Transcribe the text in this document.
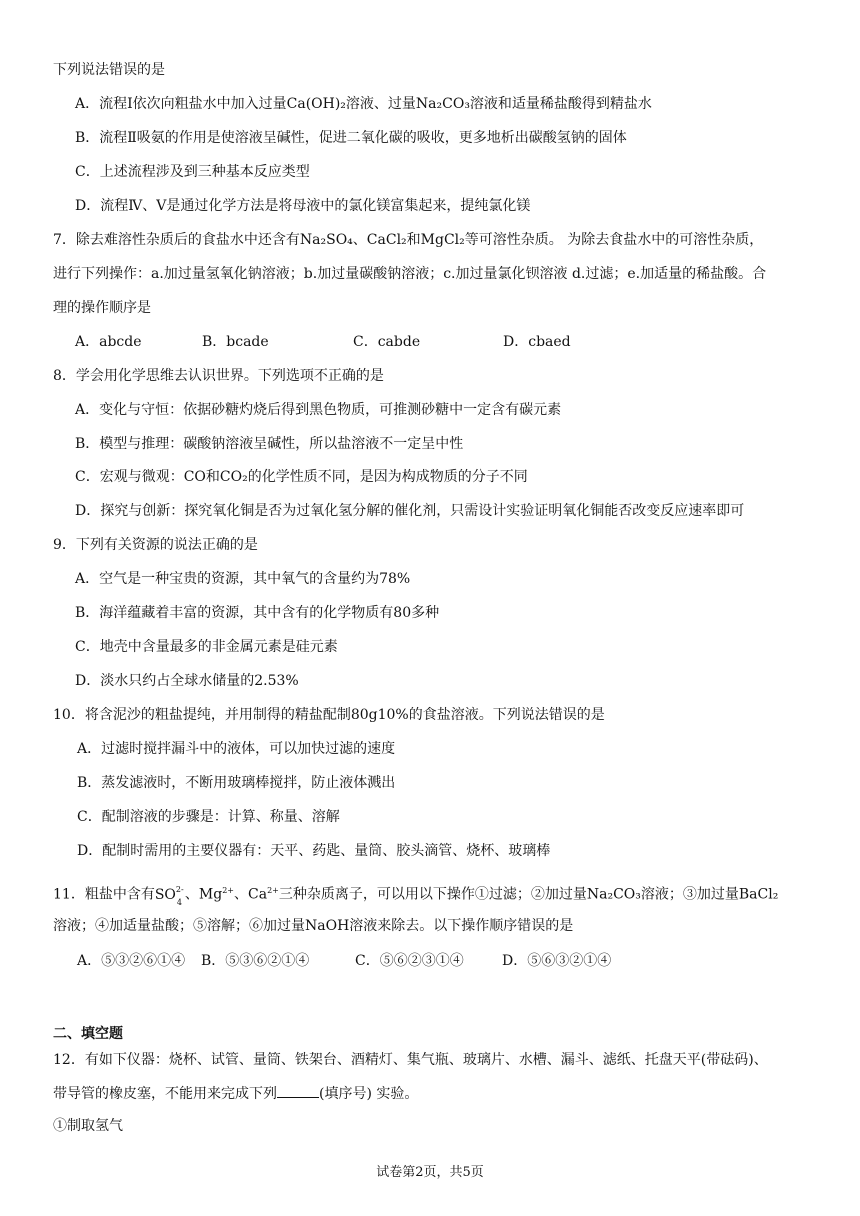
下列说法错误的是
A．流程Ⅰ依次向粗盐水中加入过量Ca(OH)₂溶液、过量Na₂CO₃溶液和适量稀盐酸得到精盐水
B．流程Ⅱ吸氨的作用是使溶液呈碱性，促进二氧化碳的吸收，更多地析出碳酸氢钠的固体
C．上述流程涉及到三种基本反应类型
D．流程Ⅳ、Ⅴ是通过化学方法是将母液中的氯化镁富集起来，提纯氯化镁
7．除去难溶性杂质后的食盐水中还含有Na₂SO₄、CaCl₂和MgCl₂等可溶性杂质。 为除去食盐水中的可溶性杂质，
进行下列操作：a.加过量氢氧化钠溶液；b.加过量碳酸钠溶液；c.加过量氯化钡溶液 d.过滤；e.加适量的稀盐酸。合
理的操作顺序是
A．abcde	B．bcade	C．cabde	D．cbaed
8．学会用化学思维去认识世界。下列选项不正确的是
A．变化与守恒：依据砂糖灼烧后得到黑色物质，可推测砂糖中一定含有碳元素
B．模型与推理：碳酸钠溶液呈碱性，所以盐溶液不一定呈中性
C．宏观与微观：CO和CO₂的化学性质不同，是因为构成物质的分子不同
D．探究与创新：探究氧化铜是否为过氧化氢分解的催化剂，只需设计实验证明氧化铜能否改变反应速率即可
9．下列有关资源的说法正确的是
A．空气是一种宝贵的资源，其中氧气的含量约为78%
B．海洋蕴藏着丰富的资源，其中含有的化学物质有80多种
C．地壳中含量最多的非金属元素是硅元素
D．淡水只约占全球水储量的2.53%
10．将含泥沙的粗盐提纯，并用制得的精盐配制80g10%的食盐溶液。下列说法错误的是
A．过滤时搅拌漏斗中的液体，可以加快过滤的速度
B．蒸发滤液时，不断用玻璃棒搅拌，防止液体溅出
C．配制溶液的步骤是：计算、称量、溶解
D．配制时需用的主要仪器有：天平、药匙、量筒、胶头滴管、烧杯、玻璃棒
11．粗盐中含有SO 2-
4 、$Mg^{2+}$、$Ca^{2+}$三种杂质离子，可以用以下操作①过滤；②加过量Na₂CO₃溶液；③加过量BaCl₂
溶液；④加适量盐酸；⑤溶解；⑥加过量NaOH溶液来除去。以下操作顺序错误的是
A．⑤③②⑥①④ B．⑤③⑥②①④	C．⑤⑥②③①④	D．⑤⑥③②①④
二、填空题
12．有如下仪器：烧杯、试管、量筒、铁架台、酒精灯、集气瓶、玻璃片、水槽、漏斗、滤纸、托盘天平(带砝码)、
带导管的橡皮塞，不能用来完成下列	(填序号) 实验。
①制取氢气
试卷第2页，共5页
